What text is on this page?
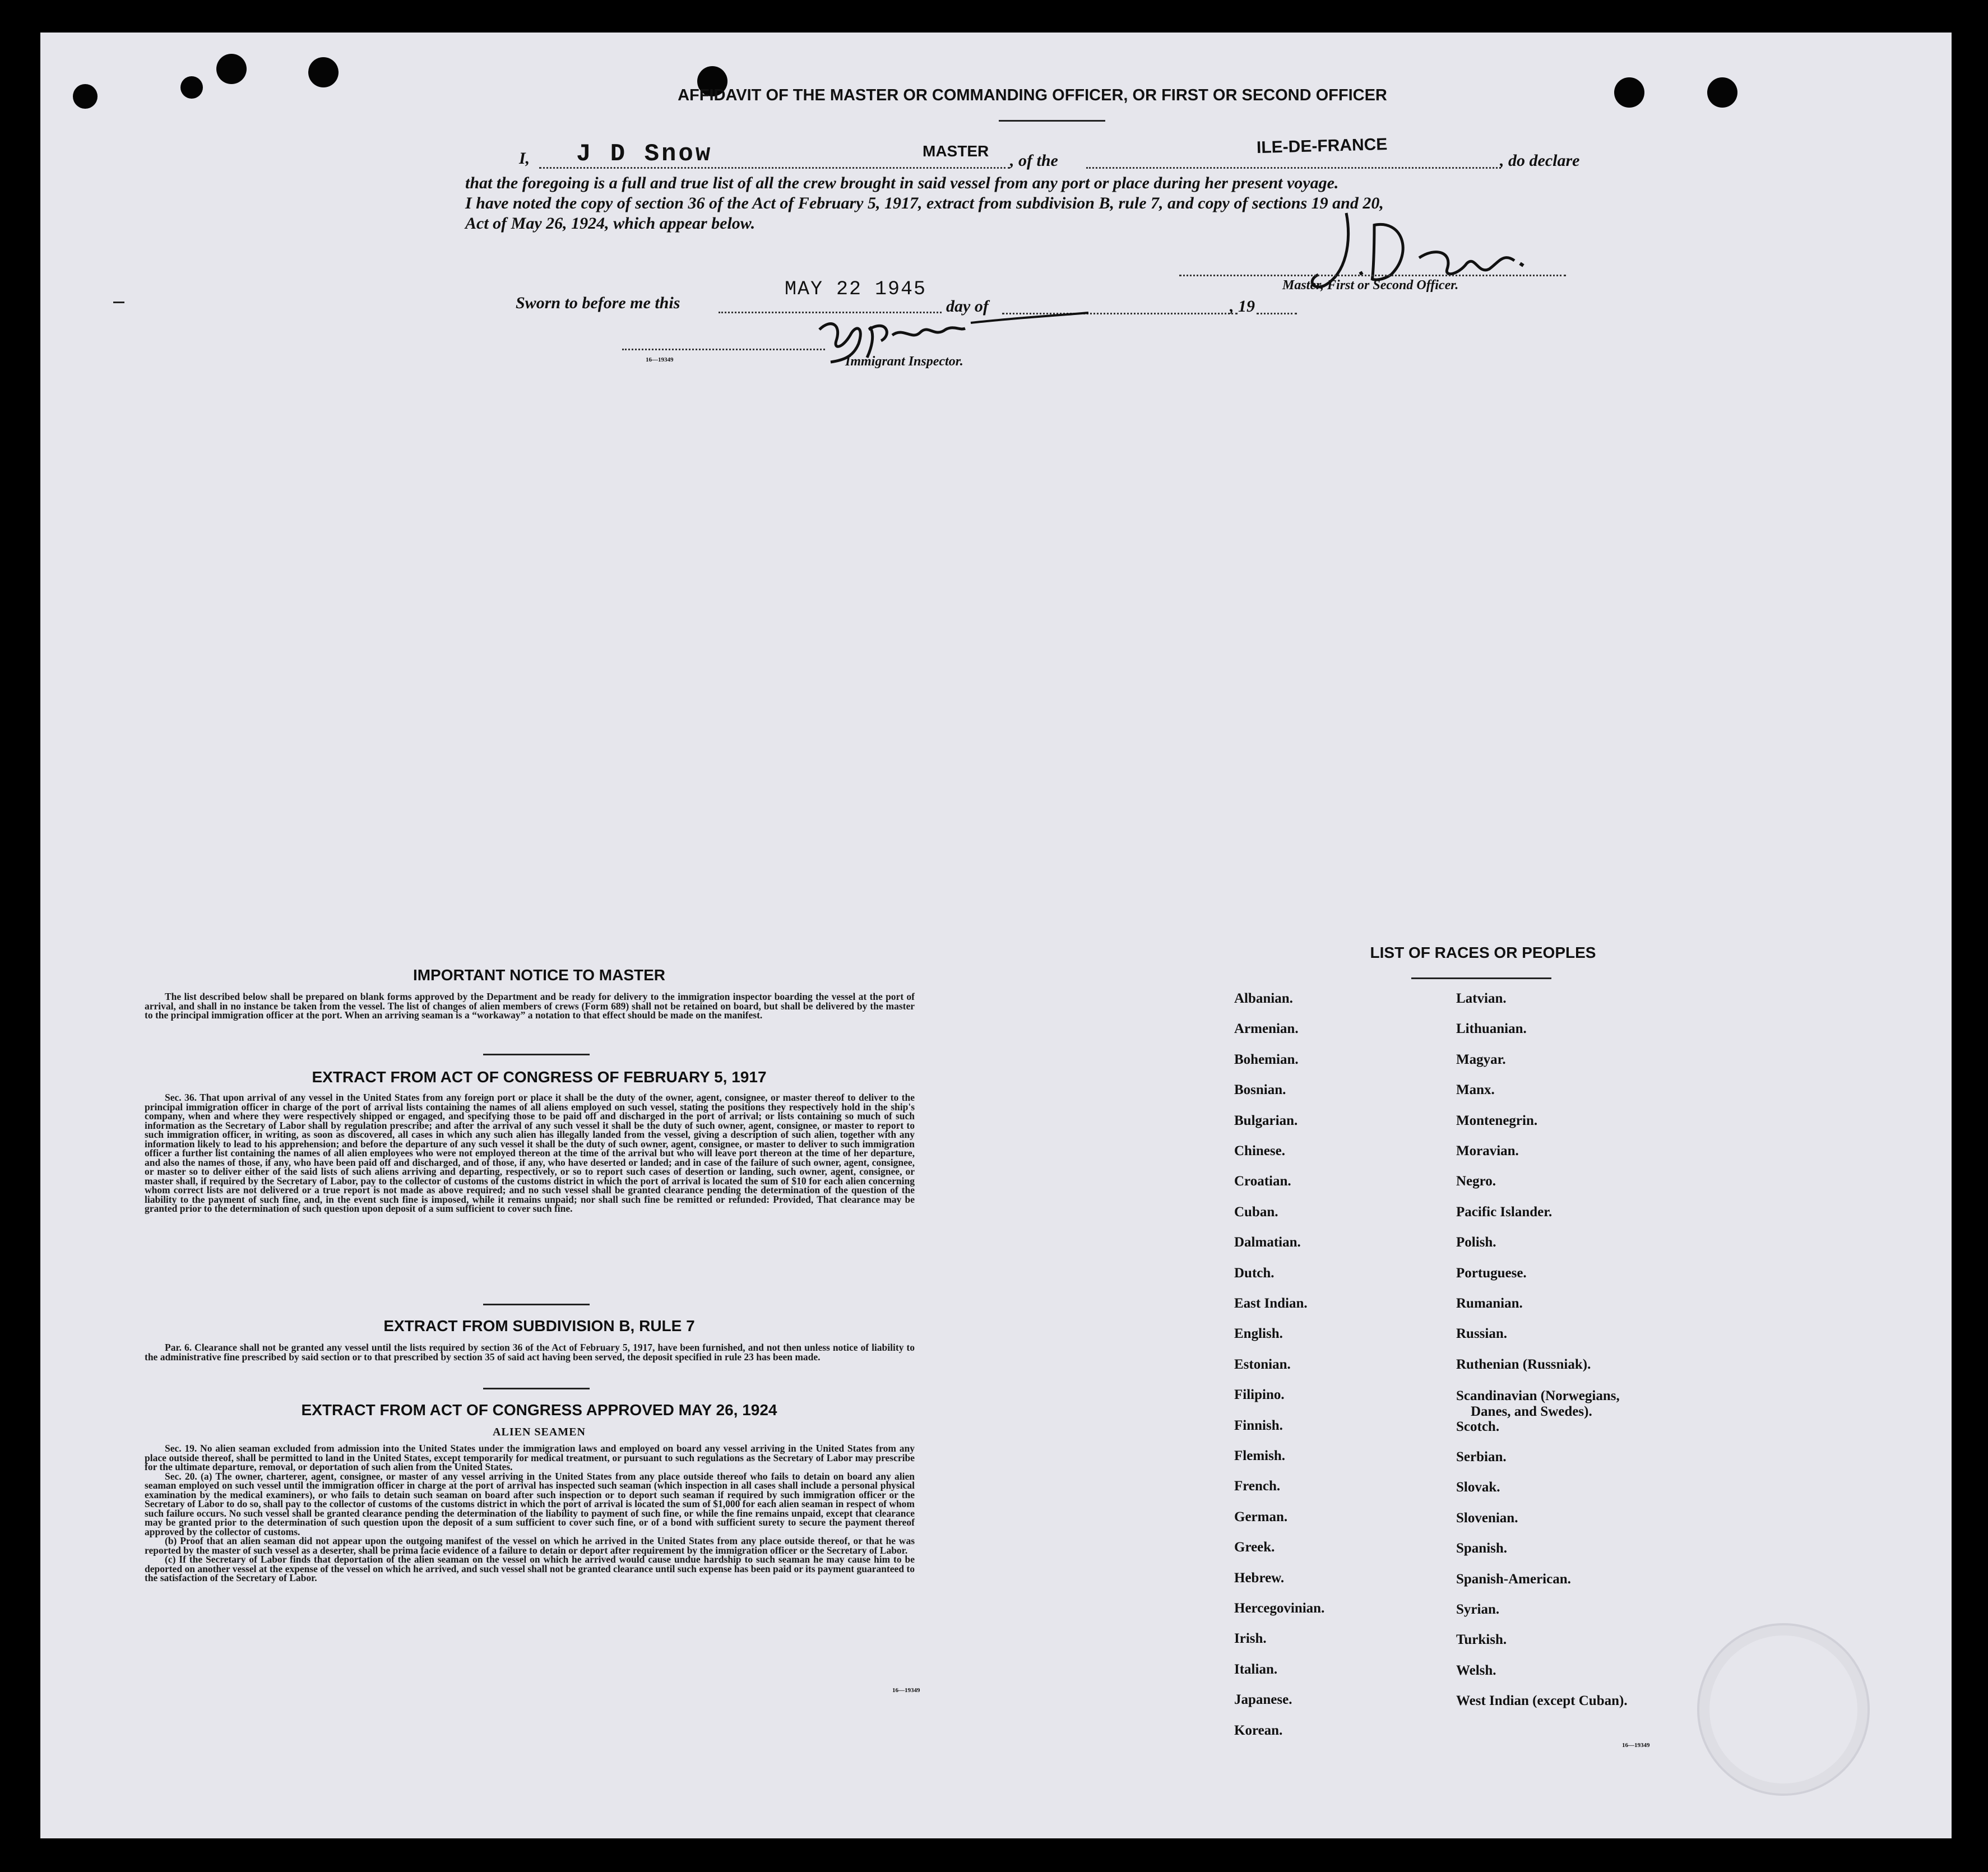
AFFIDAVIT OF THE MASTER OR COMMANDING OFFICER, OR FIRST OR SECOND OFFICER
I, J D Snow	MASTER
, of the
ILE-DE-FRANCE
, do declare
that the foregoing is a full and true list of all the crew brought in said vessel from any port or place during her present voyage.
I have noted the copy of section 36 of the Act of February 5, 1917, extract from subdivision B, rule 7, and copy of sections 19 and 20,
Act of May 26, 1924, which appear below.
Master, First or Second Officer.
Sworn to before me this
MAY 22 1945
day of	, 19
16—19349	Immigrant Inspector.
IMPORTANT NOTICE TO MASTER

The list described below shall be prepared on blank forms approved by the Department and be ready for delivery to the immigration inspector boarding the vessel at the port of arrival, and shall in no instance be taken from the vessel. The list of changes of alien members of crews (Form 689) shall not be retained on board, but shall be delivered by the master to the principal immigration officer at the port. When an arriving seaman is a “workaway” a notation to that effect should be made on the manifest.

EXTRACT FROM ACT OF CONGRESS OF FEBRUARY 5, 1917

Sec. 36. That upon arrival of any vessel in the United States from any foreign port or place it shall be the duty of the owner, agent, consignee, or master thereof to deliver to the principal immigration officer in charge of the port of arrival lists containing the names of all aliens employed on such vessel, stating the positions they respectively hold in the ship's company, when and where they were respectively shipped or engaged, and specifying those to be paid off and discharged in the port of arrival; or lists containing so much of such information as the Secretary of Labor shall by regulation prescribe; and after the arrival of any such vessel it shall be the duty of such owner, agent, consignee, or master to report to such immigration officer, in writing, as soon as discovered, all cases in which any such alien has illegally landed from the vessel, giving a description of such alien, together with any information likely to lead to his apprehension; and before the departure of any such vessel it shall be the duty of such owner, agent, consignee, or master to deliver to such immigration officer a further list containing the names of all alien employees who were not employed thereon at the time of the arrival but who will leave port thereon at the time of her departure, and also the names of those, if any, who have been paid off and discharged, and of those, if any, who have deserted or landed; and in case of the failure of such owner, agent, consignee, or master so to deliver either of the said lists of such aliens arriving and departing, respectively, or so to report such cases of desertion or landing, such owner, agent, consignee, or master shall, if required by the Secretary of Labor, pay to the collector of customs of the customs district in which the port of arrival is located the sum of $10 for each alien concerning whom correct lists are not delivered or a true report is not made as above required; and no such vessel shall be granted clearance pending the determination of the question of the liability to the payment of such fine, and, in the event such fine is imposed, while it remains unpaid; nor shall such fine be remitted or refunded: Provided, That clearance may be granted prior to the determination of such question upon deposit of a sum sufficient to cover such fine.

EXTRACT FROM SUBDIVISION B, RULE 7

Par. 6. Clearance shall not be granted any vessel until the lists required by section 36 of the Act of February 5, 1917, have been furnished, and not then unless notice of liability to the administrative fine prescribed by said section or to that prescribed by section 35 of said act having been served, the deposit specified in rule 23 has been made.

EXTRACT FROM ACT OF CONGRESS APPROVED MAY 26, 1924
ALIEN SEAMEN

Sec. 19. No alien seaman excluded from admission into the United States under the immigration laws and employed on board any vessel arriving in the United States from any place outside thereof, shall be permitted to land in the United States, except temporarily for medical treatment, or pursuant to such regulations as the Secretary of Labor may prescribe for the ultimate departure, removal, or deportation of such alien from the United States.

Sec. 20. (a) The owner, charterer, agent, consignee, or master of any vessel arriving in the United States from any place outside thereof who fails to detain on board any alien seaman employed on such vessel until the immigration officer in charge at the port of arrival has inspected such seaman (which inspection in all cases shall include a personal physical examination by the medical examiners), or who fails to detain such seaman on board after such inspection or to deport such seaman if required by such immigration officer or the Secretary of Labor to do so, shall pay to the collector of customs of the customs district in which the port of arrival is located the sum of $1,000 for each alien seaman in respect of whom such failure occurs. No such vessel shall be granted clearance pending the determination of the liability to payment of such fine, or while the fine remains unpaid, except that clearance may be granted prior to the determination of such question upon the deposit of a sum sufficient to cover such fine, or of a bond with sufficient surety to secure the payment thereof approved by the collector of customs.

(b) Proof that an alien seaman did not appear upon the outgoing manifest of the vessel on which he arrived in the United States from any place outside thereof, or that he was reported by the master of such vessel as a deserter, shall be prima facie evidence of a failure to detain or deport after requirement by the immigration officer or the Secretary of Labor.

(c) If the Secretary of Labor finds that deportation of the alien seaman on the vessel on which he arrived would cause undue hardship to such seaman he may cause him to be deported on another vessel at the expense of the vessel on which he arrived, and such vessel shall not be granted clearance until such expense has been paid or its payment guaranteed to the satisfaction of the Secretary of Labor.

16—19349
LIST OF RACES OR PEOPLES
16—19349
Albanian.
Armenian.
Bohemian.
Bosnian.
Bulgarian.
Chinese.
Croatian.
Cuban.
Dalmatian.
Dutch.
East Indian.
English.
Estonian.
Filipino.
Finnish.
Flemish.
French.
German.
Greek.
Hebrew.
Hercegovinian.
Irish.
Italian.
Japanese.
Korean.
Latvian.
Lithuanian.
Magyar.
Manx.
Montenegrin.
Moravian.
Negro.
Pacific Islander.
Polish.
Portuguese.
Rumanian.
Russian.
Ruthenian (Russniak).
Scandinavian (Norwegians,
Danes, and Swedes).
Scotch.
Serbian.
Slovak.
Slovenian.
Spanish.
Spanish-American.
Syrian.
Turkish.
Welsh.
West Indian (except Cuban).
